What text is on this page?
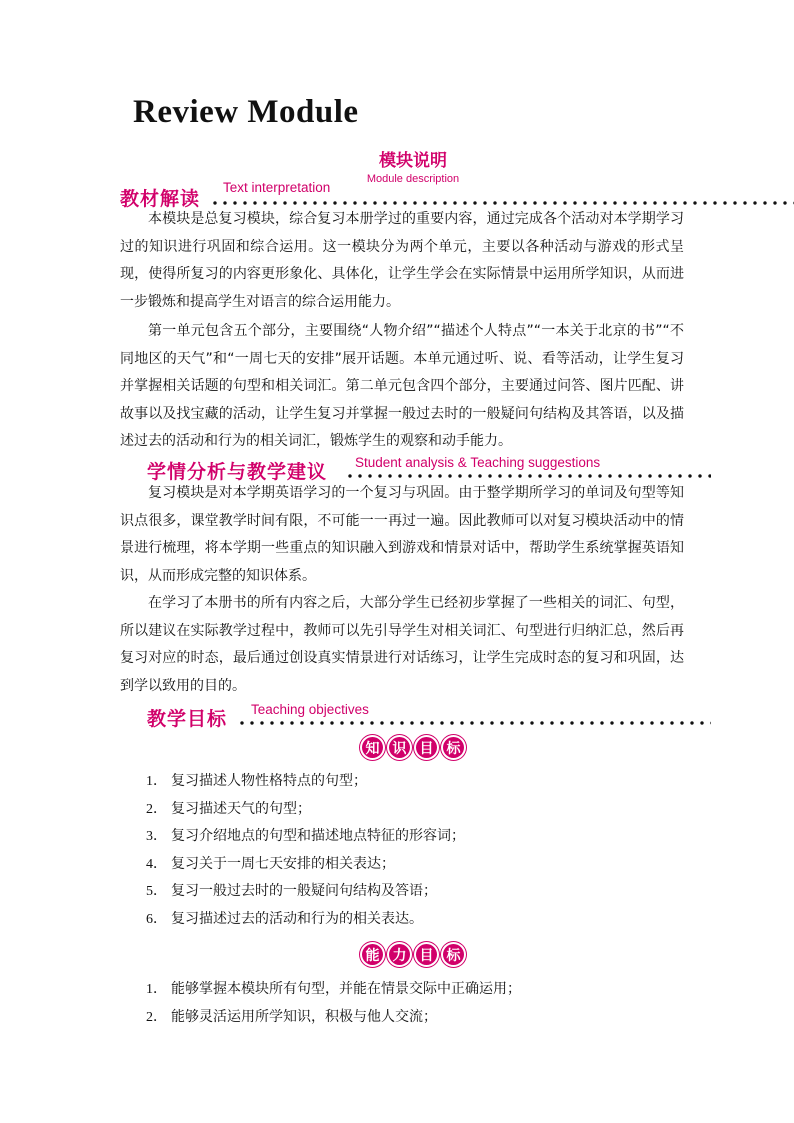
Review Module
模块说明
Module description
教材解读
Text interpretation

本模块是总复习模块，综合复习本册学过的重要内容，通过完成各个活动对本学期学习过的知识进行巩固和综合运用。这一模块分为两个单元，主要以各种活动与游戏的形式呈现，使得所复习的内容更形象化、具体化，让学生学会在实际情景中运用所学知识，从而进一步锻炼和提高学生对语言的综合运用能力。

第一单元包含五个部分，主要围绕“人物介绍”“描述个人特点”“一本关于北京的书”“不同地区的天气”和“一周七天的安排”展开话题。本单元通过听、说、看等活动，让学生复习并掌握相关话题的句型和相关词汇。第二单元包含四个部分，主要通过问答、图片匹配、讲故事以及找宝藏的活动，让学生复习并掌握一般过去时的一般疑问句结构及其答语，以及描述过去的活动和行为的相关词汇，锻炼学生的观察和动手能力。

学情分析与教学建议 Student analysis & Teaching suggestions

复习模块是对本学期英语学习的一个复习与巩固。由于整学期所学习的单词及句型等知识点很多，课堂教学时间有限，不可能一一再过一遍。因此教师可以对复习模块活动中的情景进行梳理，将本学期一些重点的知识融入到游戏和情景对话中，帮助学生系统掌握英语知识，从而形成完整的知识体系。

在学习了本册书的所有内容之后，大部分学生已经初步掌握了一些相关的词汇、句型，所以建议在实际教学过程中，教师可以先引导学生对相关词汇、句型进行归纳汇总，然后再复习对应的时态，最后通过创设真实情景进行对话练习，让学生完成时态的复习和巩固，达到学以致用的目的。

教学目标 Teaching objectives
知 识 目 标
1． 复习描述人物性格特点的句型；
2． 复习描述天气的句型；
3． 复习介绍地点的句型和描述地点特征的形容词；
4． 复习关于一周七天安排的相关表达；
5． 复习一般过去时的一般疑问句结构及答语；
6． 复习描述过去的活动和行为的相关表达。
能 力 目 标
1． 能够掌握本模块所有句型，并能在情景交际中正确运用；
2． 能够灵活运用所学知识，积极与他人交流；
